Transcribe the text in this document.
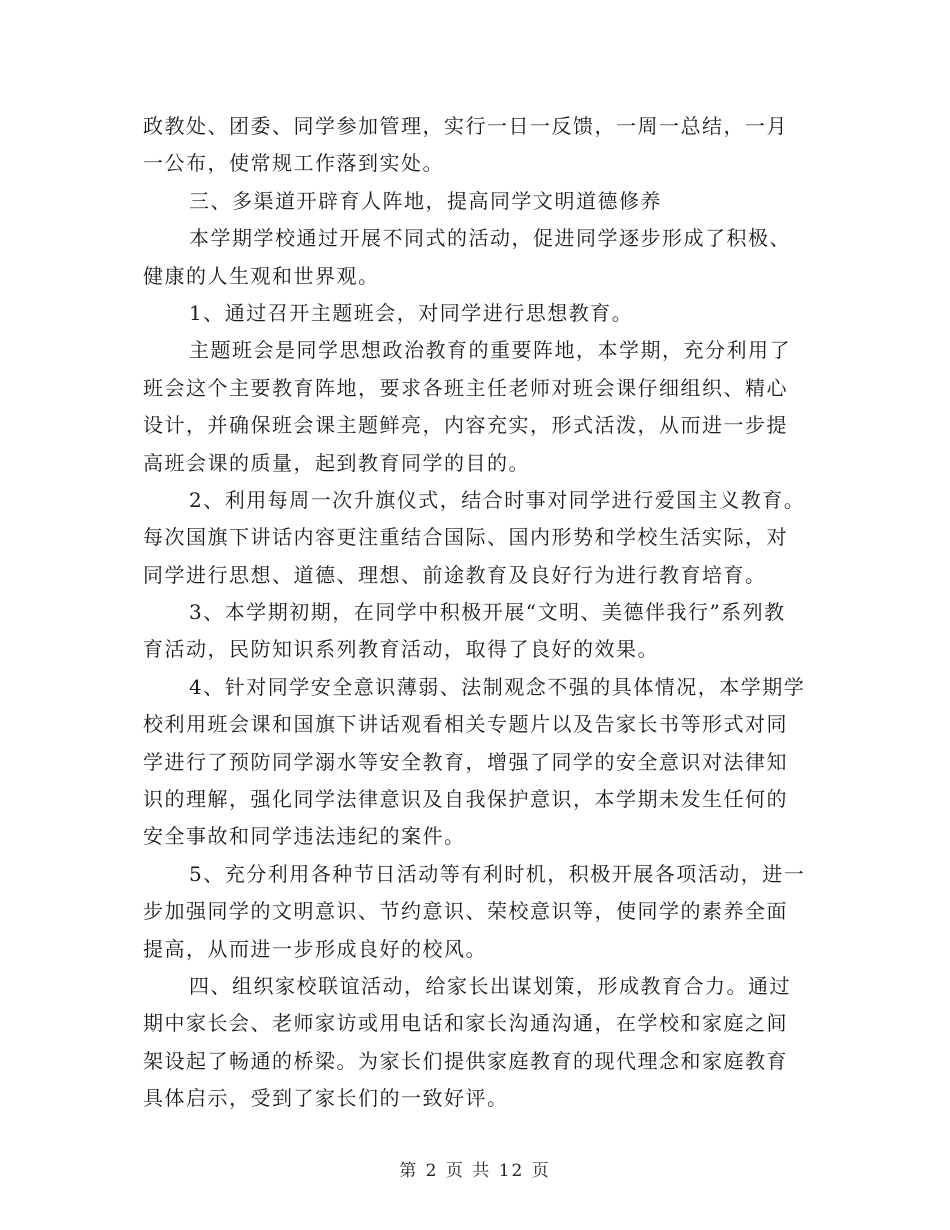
政教处、团委、同学参加管理，实行一日一反馈，一周一总结，一月
一公布，使常规工作落到实处。
三、多渠道开辟育人阵地，提高同学文明道德修养
本学期学校通过开展不同式的活动，促进同学逐步形成了积极、
健康的人生观和世界观。
1、通过召开主题班会，对同学进行思想教育。
主题班会是同学思想政治教育的重要阵地，本学期，充分利用了
班会这个主要教育阵地，要求各班主任老师对班会课仔细组织、精心
设计，并确保班会课主题鲜亮，内容充实，形式活泼，从而进一步提
高班会课的质量，起到教育同学的目的。
2、利用每周一次升旗仪式，结合时事对同学进行爱国主义教育。
每次国旗下讲话内容更注重结合国际、国内形势和学校生活实际，对
同学进行思想、道德、理想、前途教育及良好行为进行教育培育。
3、本学期初期，在同学中积极开展“文明、美德伴我行”系列教
育活动，民防知识系列教育活动，取得了良好的效果。
4、针对同学安全意识薄弱、法制观念不强的具体情况，本学期学
校利用班会课和国旗下讲话观看相关专题片以及告家长书等形式对同
学进行了预防同学溺水等安全教育，增强了同学的安全意识对法律知
识的理解，强化同学法律意识及自我保护意识，本学期未发生任何的
安全事故和同学违法违纪的案件。
5、充分利用各种节日活动等有利时机，积极开展各项活动，进一
步加强同学的文明意识、节约意识、荣校意识等，使同学的素养全面
提高，从而进一步形成良好的校风。
四、组织家校联谊活动，给家长出谋划策，形成教育合力。通过
期中家长会、老师家访或用电话和家长沟通沟通，在学校和家庭之间
架设起了畅通的桥梁。为家长们提供家庭教育的现代理念和家庭教育
具体启示，受到了家长们的一致好评。
第 2 页 共 12 页
